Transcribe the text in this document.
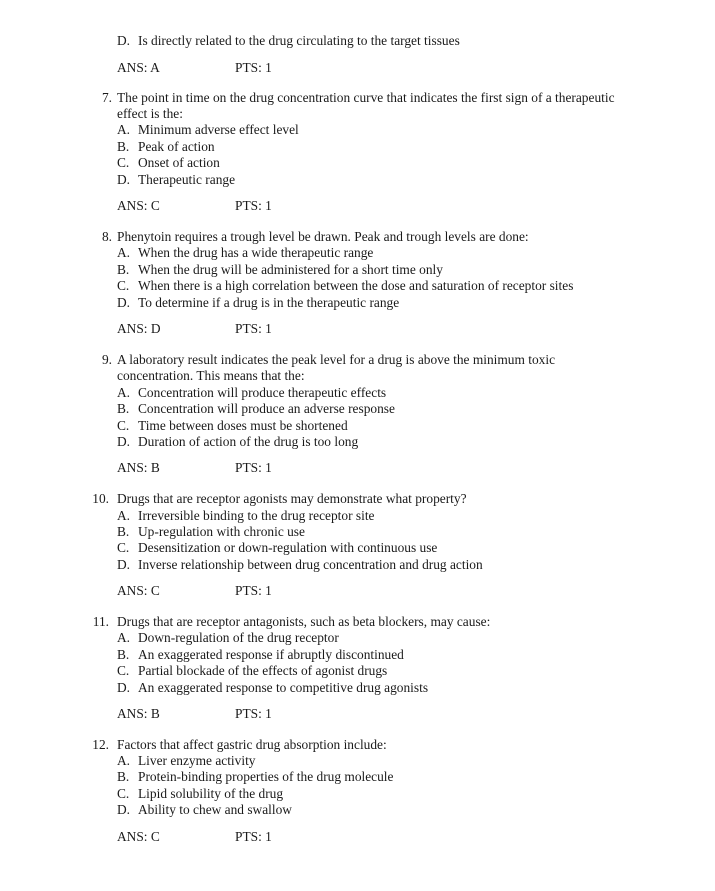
D. Is directly related to the drug circulating to the target tissues
ANS: A	PTS: 1
7. The point in time on the drug concentration curve that indicates the first sign of a therapeutic
effect is the:
A. Minimum adverse effect level
B. Peak of action
C. Onset of action
D. Therapeutic range
ANS: C	PTS: 1
8. Phenytoin requires a trough level be drawn. Peak and trough levels are done:
A. When the drug has a wide therapeutic range
B. When the drug will be administered for a short time only
C. When there is a high correlation between the dose and saturation of receptor sites
D. To determine if a drug is in the therapeutic range
ANS: D	PTS: 1
9. A laboratory result indicates the peak level for a drug is above the minimum toxic
concentration. This means that the:
A. Concentration will produce therapeutic effects
B. Concentration will produce an adverse response
C. Time between doses must be shortened
D. Duration of action of the drug is too long
ANS: B	PTS: 1
10. Drugs that are receptor agonists may demonstrate what property?
A. Irreversible binding to the drug receptor site
B. Up-regulation with chronic use
C. Desensitization or down-regulation with continuous use
D. Inverse relationship between drug concentration and drug action
ANS: C	PTS: 1
11. Drugs that are receptor antagonists, such as beta blockers, may cause:
A. Down-regulation of the drug receptor
B. An exaggerated response if abruptly discontinued
C. Partial blockade of the effects of agonist drugs
D. An exaggerated response to competitive drug agonists
ANS: B	PTS: 1
12. Factors that affect gastric drug absorption include:
A. Liver enzyme activity
B. Protein-binding properties of the drug molecule
C. Lipid solubility of the drug
D. Ability to chew and swallow
ANS: C	PTS: 1
